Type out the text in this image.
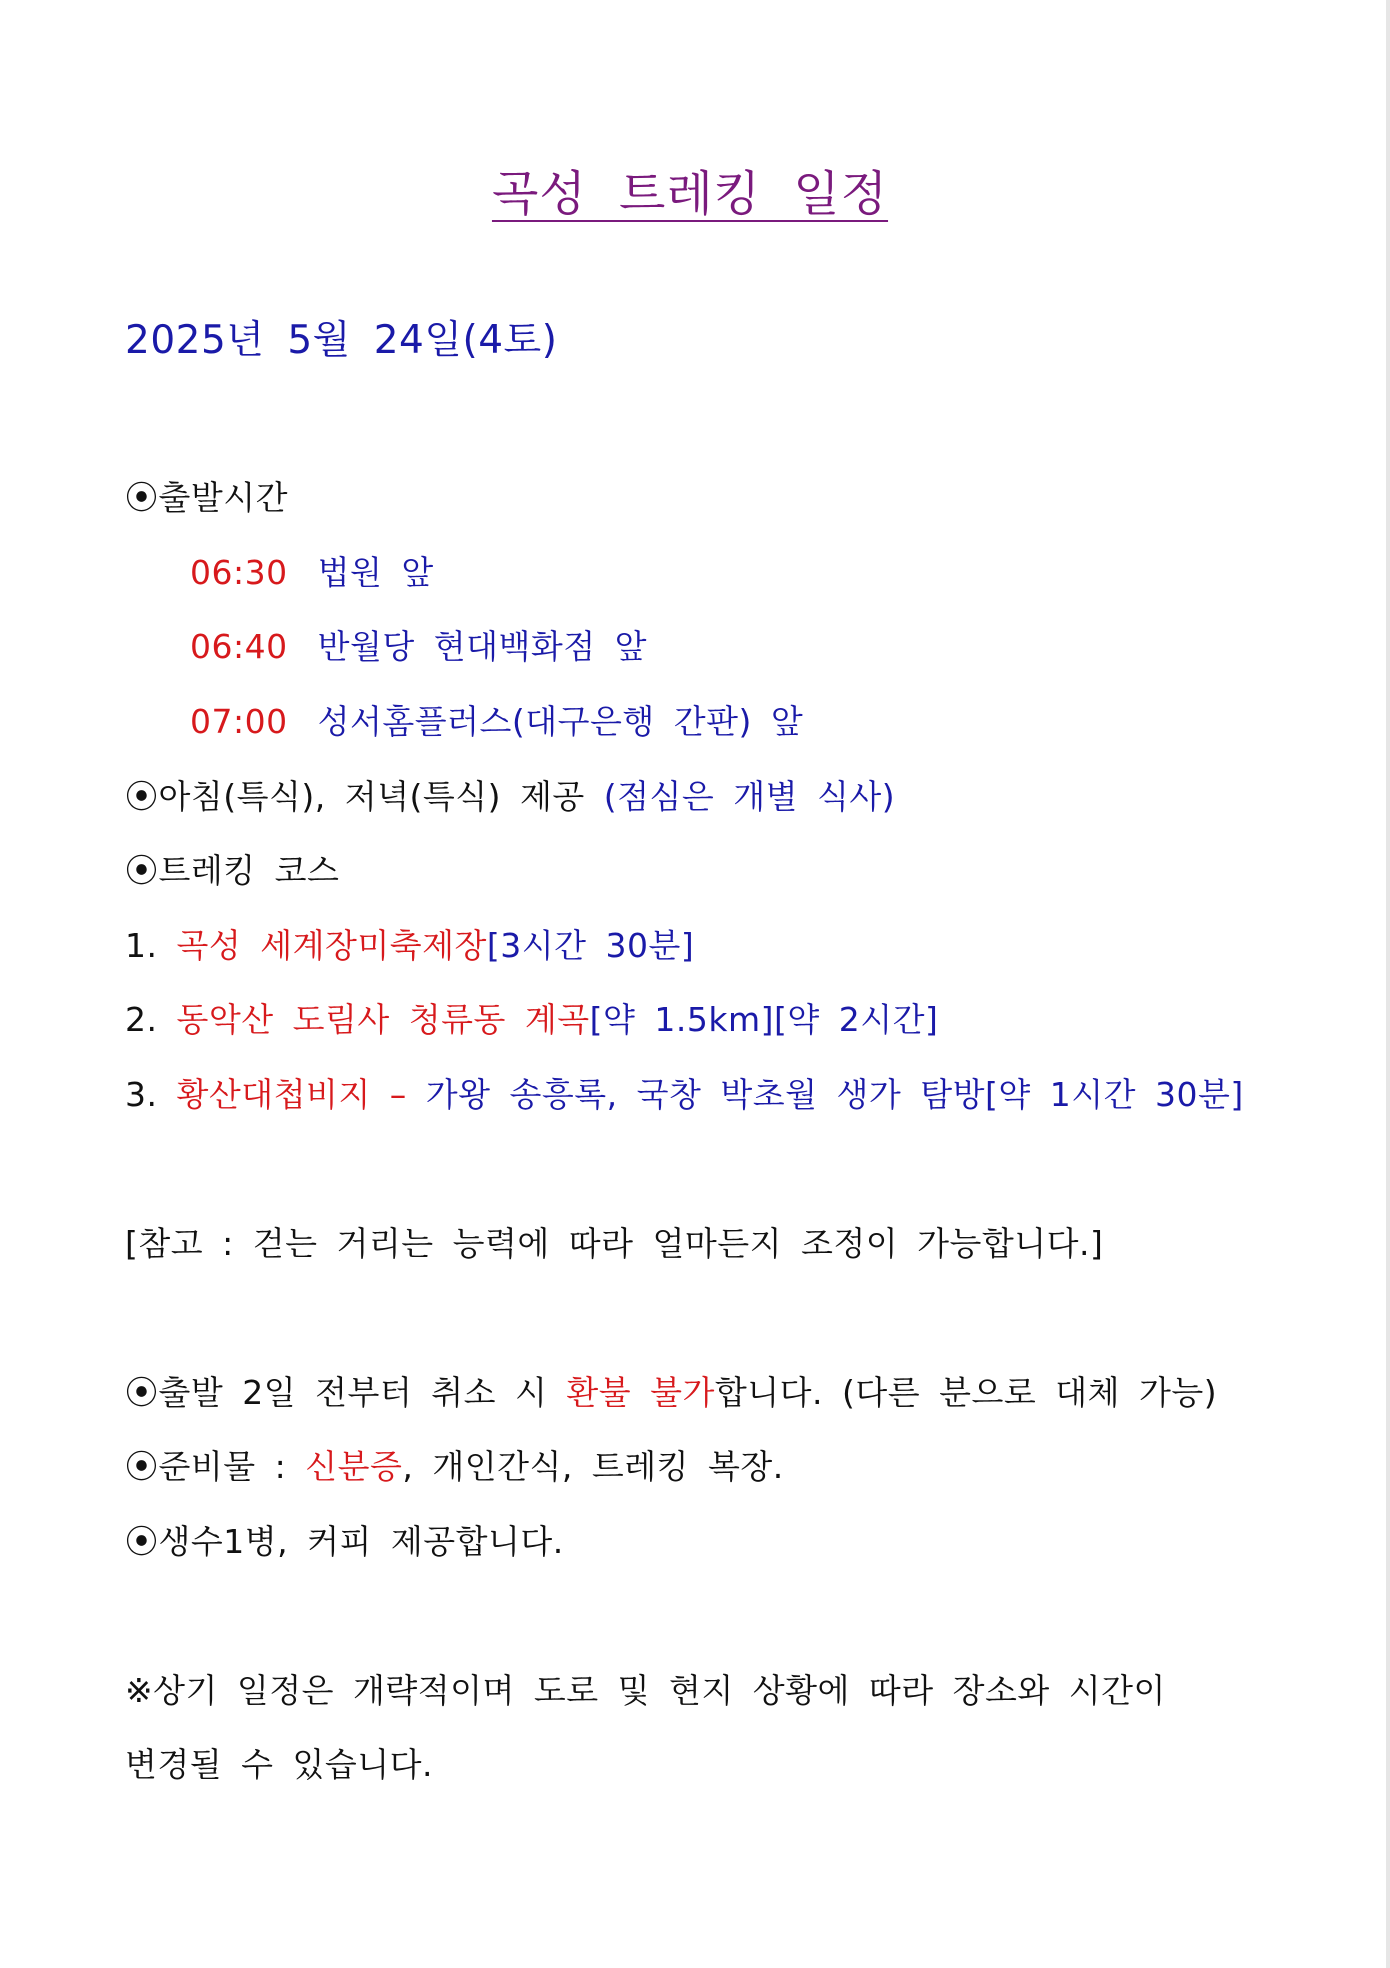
곡성 트레킹 일정
2025년 5월 24일(4토)
⦿출발시간
06:30 법원 앞
06:40 반월당 현대백화점 앞
07:00 성서홈플러스(대구은행 간판) 앞
⦿아침(특식), 저녁(특식) 제공 (점심은 개별 식사)
⦿트레킹 코스
1. 곡성 세계장미축제장[3시간 30분]
2. 동악산 도림사 청류동 계곡[약 1.5km][약 2시간]
3. 황산대첩비지 – 가왕 송흥록, 국창 박초월 생가 탐방[약 1시간 30분]
[참고 : 걷는 거리는 능력에 따라 얼마든지 조정이 가능합니다.]
⦿출발 2일 전부터 취소 시 환불 불가합니다. (다른 분으로 대체 가능)
⦿준비물 : 신분증, 개인간식, 트레킹 복장.
⦿생수1병, 커피 제공합니다.
※상기 일정은 개략적이며 도로 및 현지 상황에 따라 장소와 시간이
변경될 수 있습니다.
